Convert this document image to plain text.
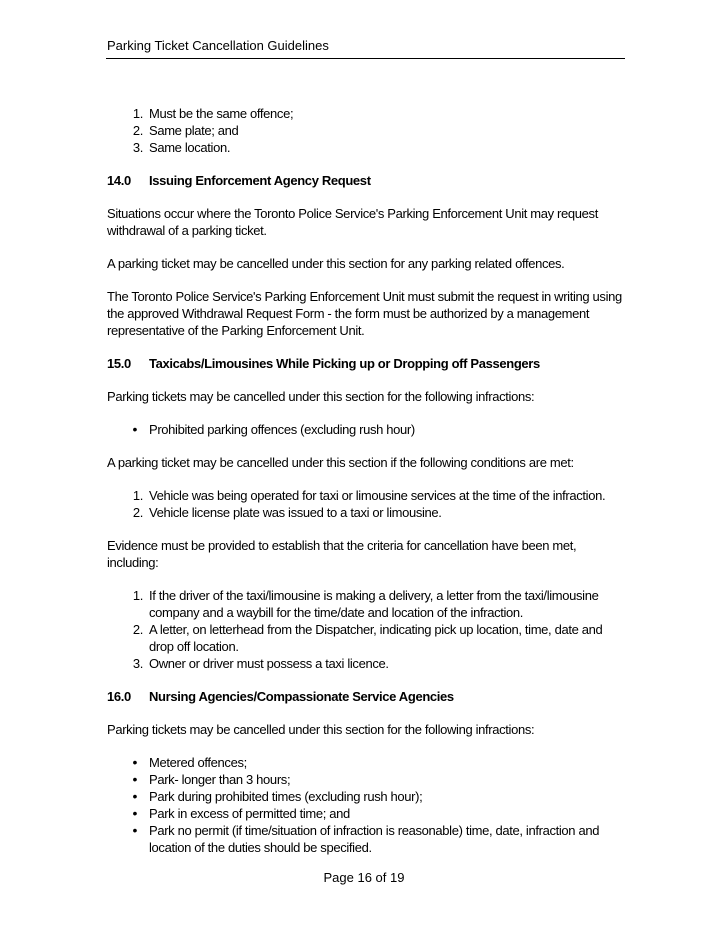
Parking Ticket Cancellation Guidelines
1. Must be the same offence;
2. Same plate; and
3. Same location.
14.0	Issuing Enforcement Agency Request

Situations occur where the Toronto Police Service's Parking Enforcement Unit may request withdrawal of a parking ticket.

A parking ticket may be cancelled under this section for any parking related offences.

The Toronto Police Service's Parking Enforcement Unit must submit the request in writing using the approved Withdrawal Request Form - the form must be authorized by a management representative of the Parking Enforcement Unit.

15.0	Taxicabs/Limousines While Picking up or Dropping off Passengers

Parking tickets may be cancelled under this section for the following infractions:

• Prohibited parking offences (excluding rush hour)

A parking ticket may be cancelled under this section if the following conditions are met:

1. Vehicle was being operated for taxi or limousine services at the time of the infraction.
2. Vehicle license plate was issued to a taxi or limousine.

Evidence must be provided to establish that the criteria for cancellation have been met, including:

1. If the driver of the taxi/limousine is making a delivery, a letter from the taxi/limousine company and a waybill for the time/date and location of the infraction.
2. A letter, on letterhead from the Dispatcher, indicating pick up location, time, date and drop off location.
3. Owner or driver must possess a taxi licence.
16.0	Nursing Agencies/Compassionate Service Agencies

Parking tickets may be cancelled under this section for the following infractions:

• Metered offences;
• Park- longer than 3 hours;
• Park during prohibited times (excluding rush hour);
• Park in excess of permitted time; and
• Park no permit (if time/situation of infraction is reasonable) time, date, infraction and location of the duties should be specified.
Page 16 of 19
